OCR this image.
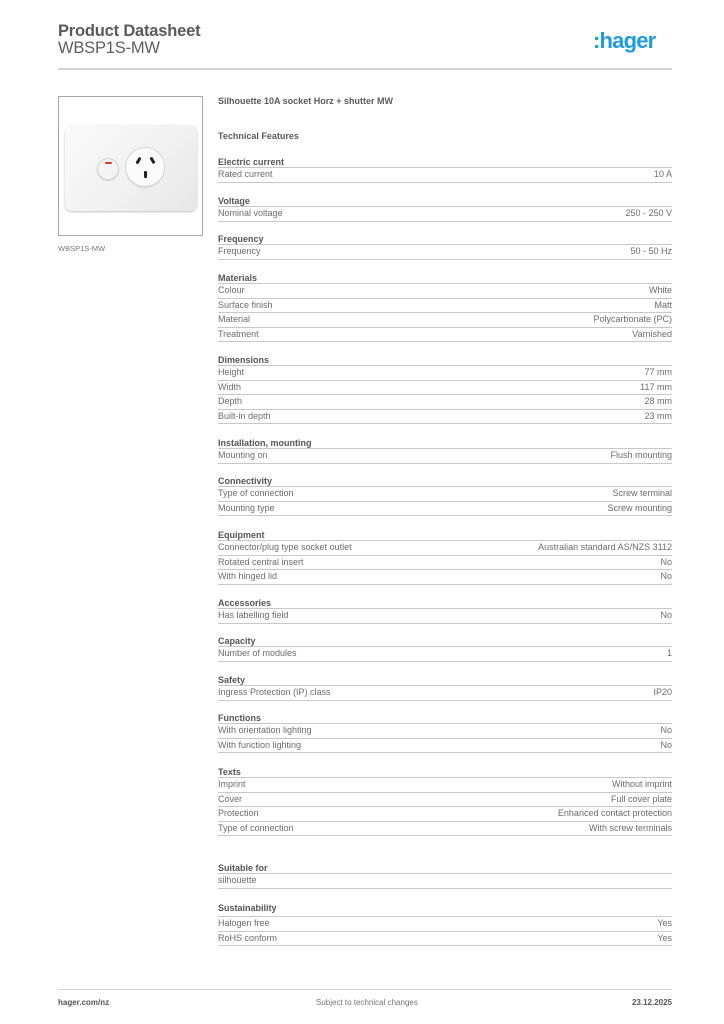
Product Datasheet
WBSP1S-MW	:hager
WBSP1S-MW
Silhouette 10A socket Horz + shutter MW
Technical Features
Electric current
Rated current	10 A
Voltage
Nominal voltage	250 - 250 V
Frequency
Frequency	50 - 50 Hz
Materials
Colour	White
Surface finish	Matt
Material	Polycarbonate (PC)
Treatment	Varnished
Dimensions
Height	77 mm
Width	117 mm
Depth	28 mm
Built-in depth	23 mm
Installation, mounting
Mounting on	Flush mounting
Connectivity
Type of connection	Screw terminal
Mounting type	Screw mounting
Equipment
Connector/plug type socket outlet	Australian standard AS/NZS 3112
Rotated central insert	No
With hinged lid	No
Accessories
Has labelling field	No
Capacity
Number of modules	1
Safety
Ingress Protection (IP) class	IP20
Functions
With orientation lighting	No
With function lighting	No
Texts
Imprint	Without imprint
Cover	Full cover plate
Protection	Enhanced contact protection
Type of connection	With screw terminals
Suitable for
silhouette
Sustainability
Halogen free	Yes
RoHS conform	Yes
hager.com/nz	Subject to technical changes	23.12.2025
